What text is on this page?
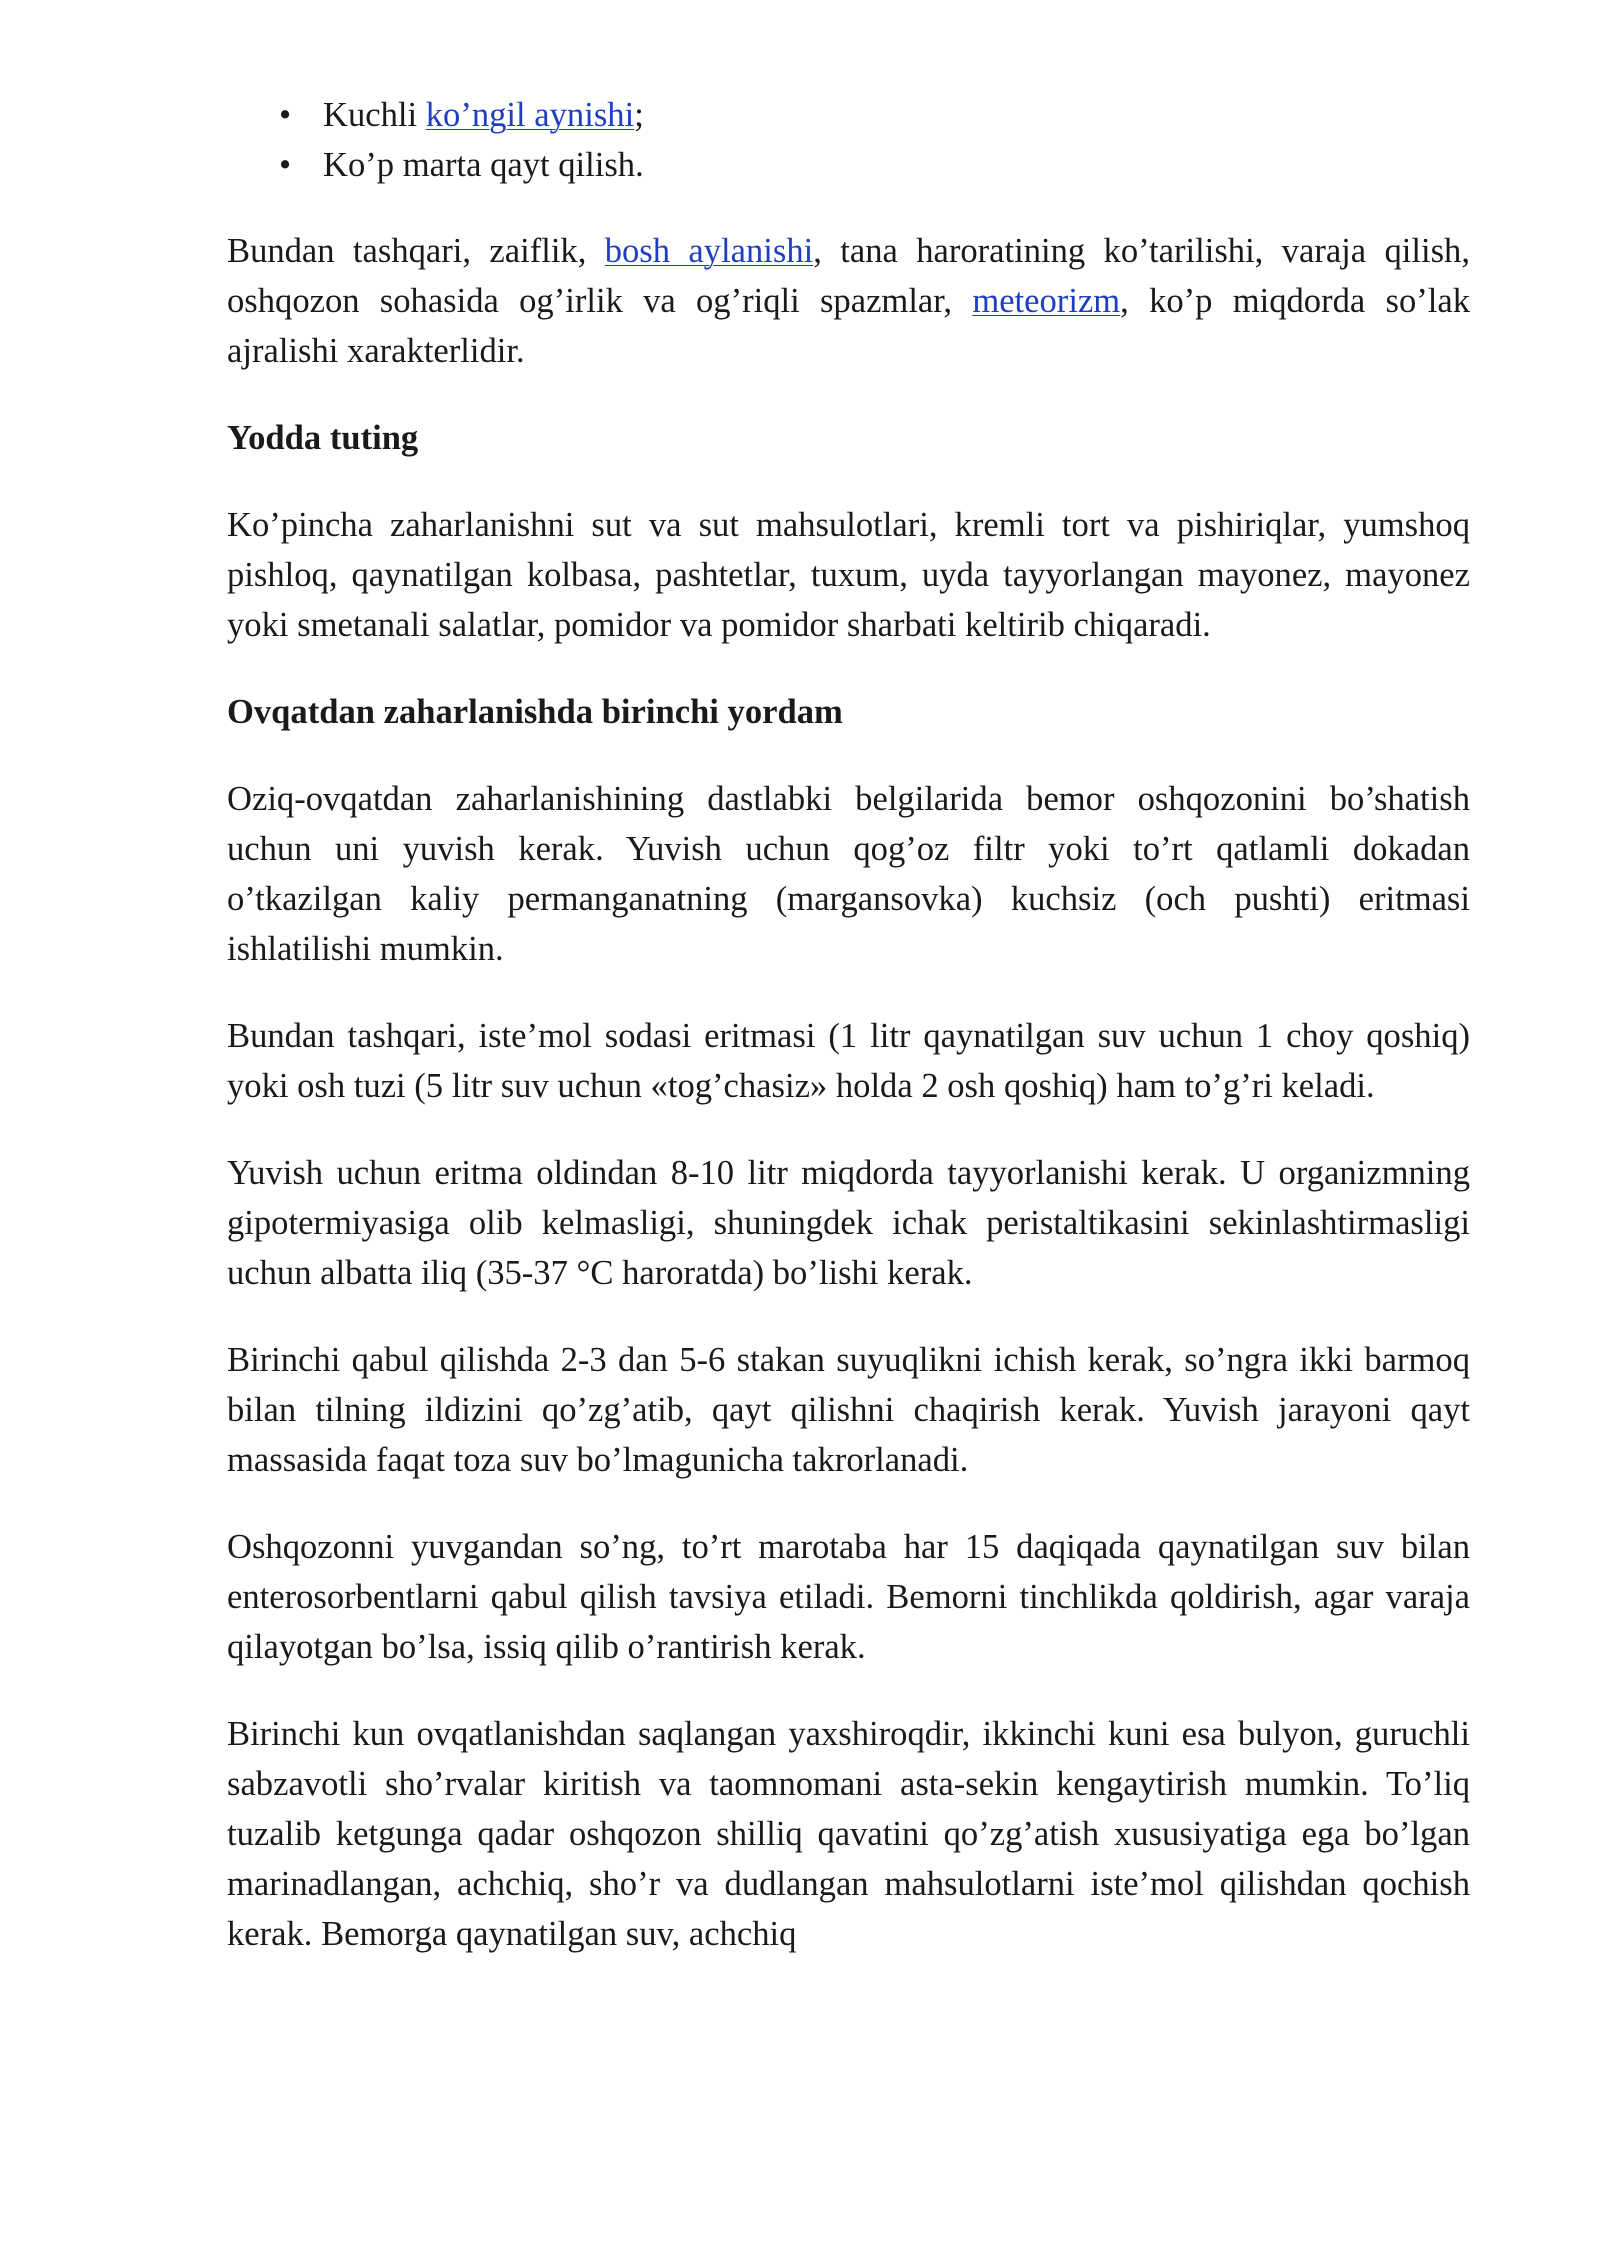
• Kuchli ko’ngil aynishi;
• Ko’p marta qayt qilish.

Bundan tashqari, zaiflik, bosh aylanishi, tana haroratining ko’tarilishi, varaja qilish, oshqozon sohasida og’irlik va og’riqli spazmlar, meteorizm, ko’p miqdorda so’lak ajralishi xarakterlidir.

Yodda tuting

Ko’pincha zaharlanishni sut va sut mahsulotlari, kremli tort va pishiriqlar, yumshoq pishloq, qaynatilgan kolbasa, pashtetlar, tuxum, uyda tayyorlangan mayonez, mayonez yoki smetanali salatlar, pomidor va pomidor sharbati keltirib chiqaradi.

Ovqatdan zaharlanishda birinchi yordam

Oziq-ovqatdan zaharlanishining dastlabki belgilarida bemor oshqozonini bo’shatish uchun uni yuvish kerak. Yuvish uchun qog’oz filtr yoki to’rt qatlamli dokadan o’tkazilgan kaliy permanganatning (margansovka) kuchsiz (och pushti) eritmasi ishlatilishi mumkin.

Bundan tashqari, iste’mol sodasi eritmasi (1 litr qaynatilgan suv uchun 1 choy qoshiq) yoki osh tuzi (5 litr suv uchun «tog’chasiz» holda 2 osh qoshiq) ham to’g’ri keladi.

Yuvish uchun eritma oldindan 8-10 litr miqdorda tayyorlanishi kerak. U organizmning gipotermiyasiga olib kelmasligi, shuningdek ichak peristaltikasini sekinlashtirmasligi uchun albatta iliq (35-37 °C haroratda) bo’lishi kerak.

Birinchi qabul qilishda 2-3 dan 5-6 stakan suyuqlikni ichish kerak, so’ngra ikki barmoq bilan tilning ildizini qo’zg’atib, qayt qilishni chaqirish kerak. Yuvish jarayoni qayt massasida faqat toza suv bo’lmagunicha takrorlanadi.

Oshqozonni yuvgandan so’ng, to’rt marotaba har 15 daqiqada qaynatilgan suv bilan enterosorbentlarni qabul qilish tavsiya etiladi. Bemorni tinchlikda qoldirish, agar varaja qilayotgan bo’lsa, issiq qilib o’rantirish kerak.

Birinchi kun ovqatlanishdan saqlangan yaxshiroqdir, ikkinchi kuni esa bulyon, guruchli sabzavotli sho’rvalar kiritish va taomnomani asta-sekin kengaytirish mumkin. To’liq tuzalib ketgunga qadar oshqozon shilliq qavatini qo’zg’atish xususiyatiga ega bo’lgan marinadlangan, achchiq, sho’r va dudlangan mahsulotlarni iste’mol qilishdan qochish kerak. Bemorga qaynatilgan suv, achchiq
